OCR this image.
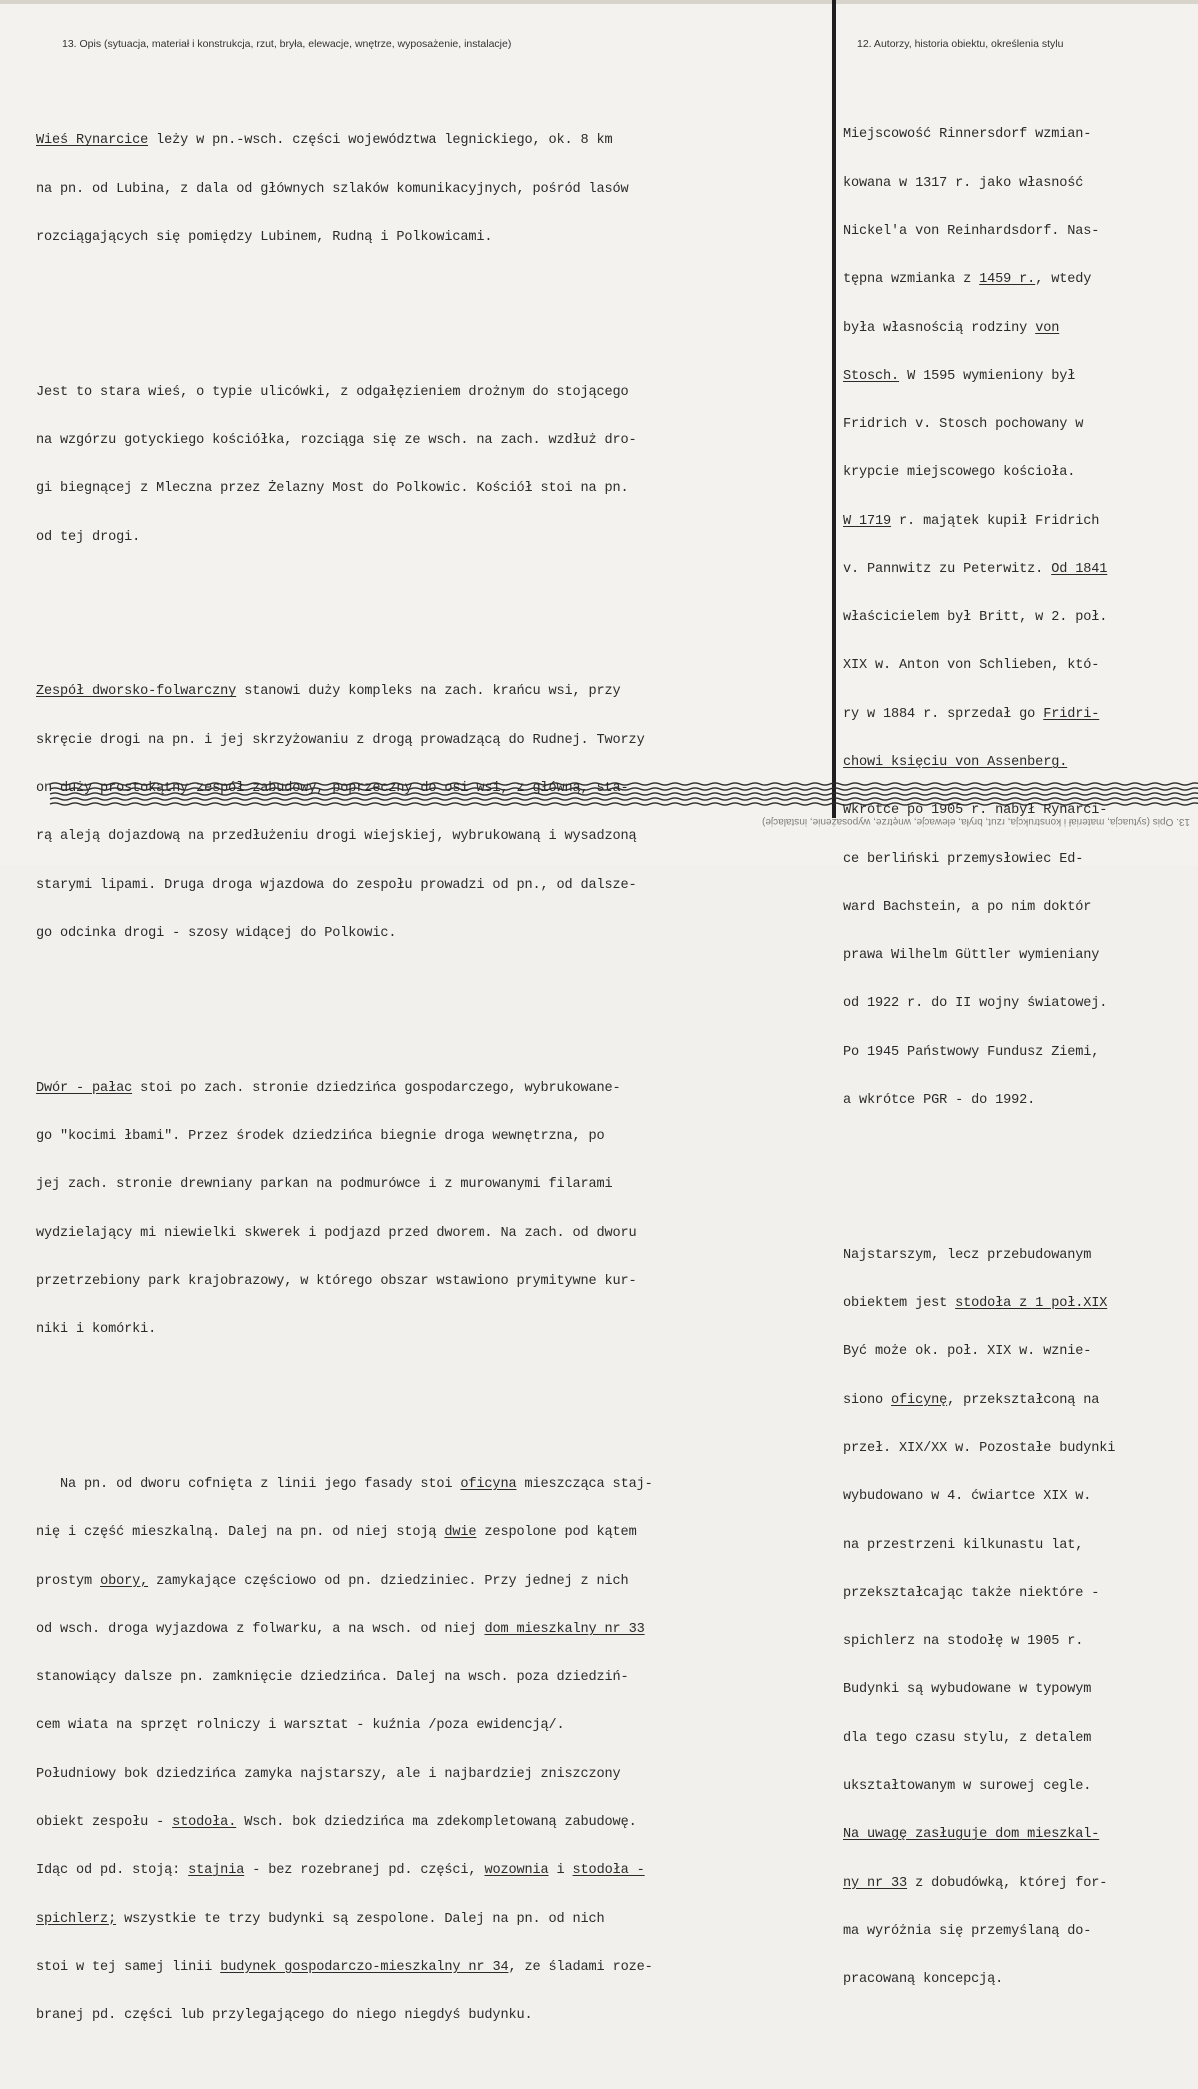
13. Opis (sytuacja, materiał i konstrukcja, rzut, bryła, elewacje, wnętrze, wyposażenie, instalacje)	12. Autorzy, historia obiektu, określenia stylu

Wieś Rynarcice leży w pn.-wsch. części województwa legnickiego, ok. 8 km

na pn. od Lubina, z dala od głównych szlaków komunikacyjnych, pośród lasów

rozciągających się pomiędzy Lubinem, Rudną i Polkowicami.

Jest to stara wieś, o typie ulicówki, z odgałęzieniem drożnym do stojącego

na wzgórzu gotyckiego kościółka, rozciąga się ze wsch. na zach. wzdłuż dro-

gi biegnącej z Mleczna przez Żelazny Most do Polkowic. Kościół stoi na pn.

od tej drogi.

Zespół dworsko-folwarczny stanowi duży kompleks na zach. krańcu wsi, przy

skręcie drogi na pn. i jej skrzyżowaniu z drogą prowadzącą do Rudnej. Tworzy

on duży prostokątny zespół zabudowy, poprzeczny do osi wsi, z główną, sta-

rą aleją dojazdową na przedłużeniu drogi wiejskiej, wybrukowaną i wysadzoną

starymi lipami. Druga droga wjazdowa do zespołu prowadzi od pn., od dalsze-

go odcinka drogi - szosy widącej do Polkowic.

Dwór - pałac stoi po zach. stronie dziedzińca gospodarczego, wybrukowane-

go "kocimi łbami". Przez środek dziedzińca biegnie droga wewnętrzna, po

jej zach. stronie drewniany parkan na podmurówce i z murowanymi filarami

wydzielający mi niewielki skwerek i podjazd przed dworem. Na zach. od dworu

przetrzebiony park krajobrazowy, w którego obszar wstawiono prymitywne kur-

niki i komórki.

Na pn. od dworu cofnięta z linii jego fasady stoi oficyna mieszcząca staj-

nię i część mieszkalną. Dalej na pn. od niej stoją dwie zespolone pod kątem

prostym obory, zamykające częściowo od pn. dziedziniec. Przy jednej z nich

od wsch. droga wyjazdowa z folwarku, a na wsch. od niej dom mieszkalny nr 33

stanowiący dalsze pn. zamknięcie dziedzińca. Dalej na wsch. poza dziedziń-

cem wiata na sprzęt rolniczy i warsztat - kuźnia /poza ewidencją/.

Południowy bok dziedzińca zamyka najstarszy, ale i najbardziej zniszczony

obiekt zespołu - stodoła. Wsch. bok dziedzińca ma zdekompletowaną zabudowę.

Idąc od pd. stoją: stajnia - bez rozebranej pd. części, wozownia i stodoła -

spichlerz; wszystkie te trzy budynki są zespolone. Dalej na pn. od nich

stoi w tej samej linii budynek gospodarczo-mieszkalny nr 34, ze śladami roze-

branej pd. części lub przylegającego do niego niegdyś budynku.

Miejscowość Rinnersdorf wzmian-

kowana w 1317 r. jako własność

Nickel'a von Reinhardsdorf. Nas-

tępna wzmianka z 1459 r., wtedy

była własnością rodziny von

Stosch. W 1595 wymieniony był

Fridrich v. Stosch pochowany w

krypcie miejscowego kościoła.

W 1719 r. majątek kupił Fridrich

v. Pannwitz zu Peterwitz. Od 1841

właścicielem był Britt, w 2. poł.

XIX w. Anton von Schlieben, któ-

ry w 1884 r. sprzedał go Fridri-

chowi księciu von Assenberg.

Wkrótce po 1905 r. nabył Rynarci-

ce berliński przemysłowiec Ed-

ward Bachstein, a po nim doktór

prawa Wilhelm Güttler wymieniany

od 1922 r. do II wojny światowej.

Po 1945 Państwowy Fundusz Ziemi,

a wkrótce PGR - do 1992.

Najstarszym, lecz przebudowanym

obiektem jest stodoła z 1 poł.XIX

Być może ok. poł. XIX w. wznie-

siono oficynę, przekształconą na

przeł. XIX/XX w. Pozostałe budynki

wybudowano w 4. ćwiartce XIX w.

na przestrzeni kilkunastu lat,

przekształcając także niektóre -

spichlerz na stodołę w 1905 r.

Budynki są wybudowane w typowym

dla tego czasu stylu, z detalem

ukształtowanym w surowej cegle.

Na uwagę zasługuje dom mieszkal-

ny nr 33 z dobudówką, której for-

ma wyróżnia się przemyślaną do-

pracowaną koncepcją.

13. Opis (sytuacja, materiał i konstrukcja, rzut, bryła, elewacje, wnętrze, wyposażenie, instalacje)
